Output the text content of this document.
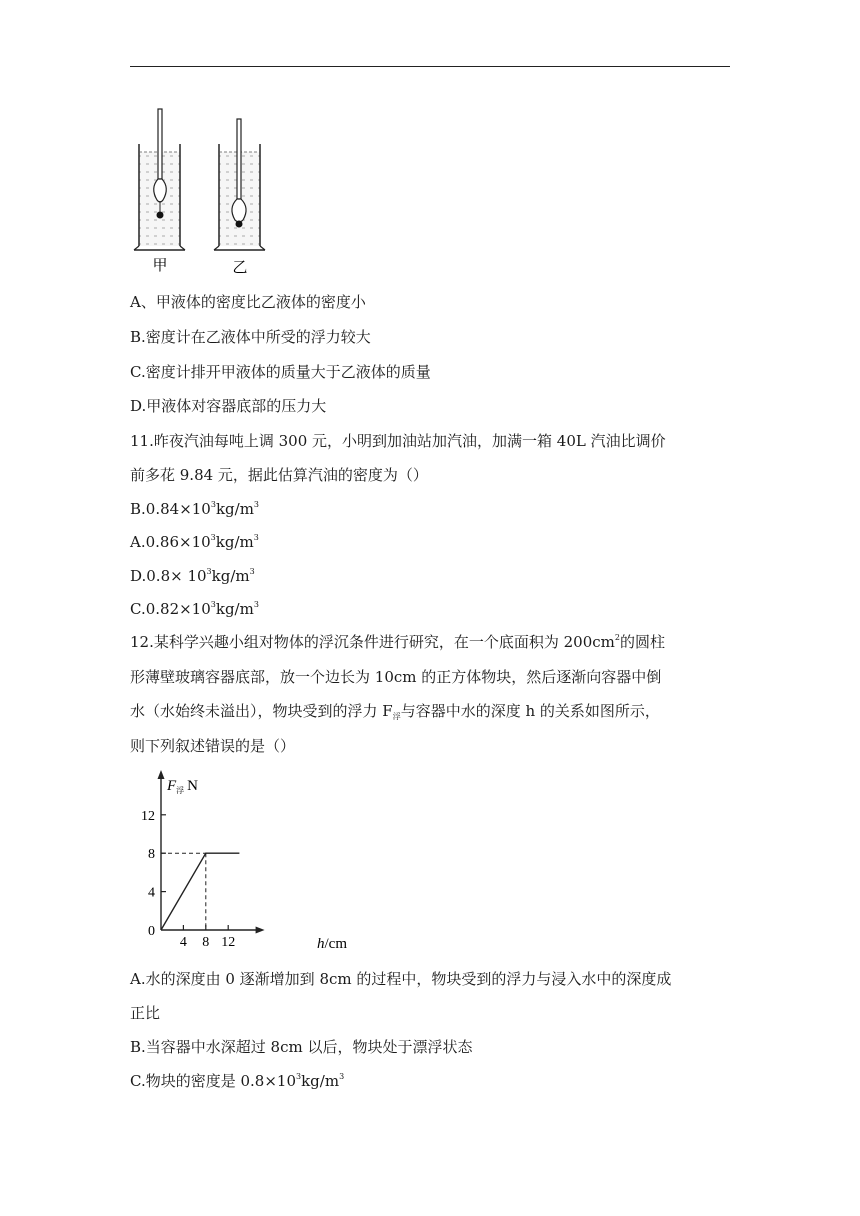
甲	乙
A、甲液体的密度比乙液体的密度小
B.密度计在乙液体中所受的浮力较大
C.密度计排开甲液体的质量大于乙液体的质量
D.甲液体对容器底部的压力大
11.昨夜汽油每吨上调 300 元，小明到加油站加汽油，加满一箱 40L 汽油比调价
前多花 9.84 元，据此估算汽油的密度为（）
$B.0.84\times 10^3kg/m^3$
$A.0.86\times 10^3kg/m^3$
$D.0.8\times 10^3kg/m^3$
$C.0.82\times 10^3kg/m^3$
12.某科学兴趣小组对物体的浮沉条件进行研究，在一个底面积为 $200cm^2$的圆柱
形薄壁玻璃容器底部，放一个边长为 10cm 的正方体物块，然后逐渐向容器中倒
水（水始终未溢出），物块受到的浮力 $F_浮$与容器中水的深度 h 的关系如图所示，
则下列叙述错误的是（）
0
4
8
12
4 8 12
$F_浮$ N
h/cm
A.水的深度由 0 逐渐增加到 8cm 的过程中，物块受到的浮力与浸入水中的深度成
正比
B.当容器中水深超过 8cm 以后，物块处于漂浮状态
C.物块的密度是 $0.8\times 10^3kg/m^3$
